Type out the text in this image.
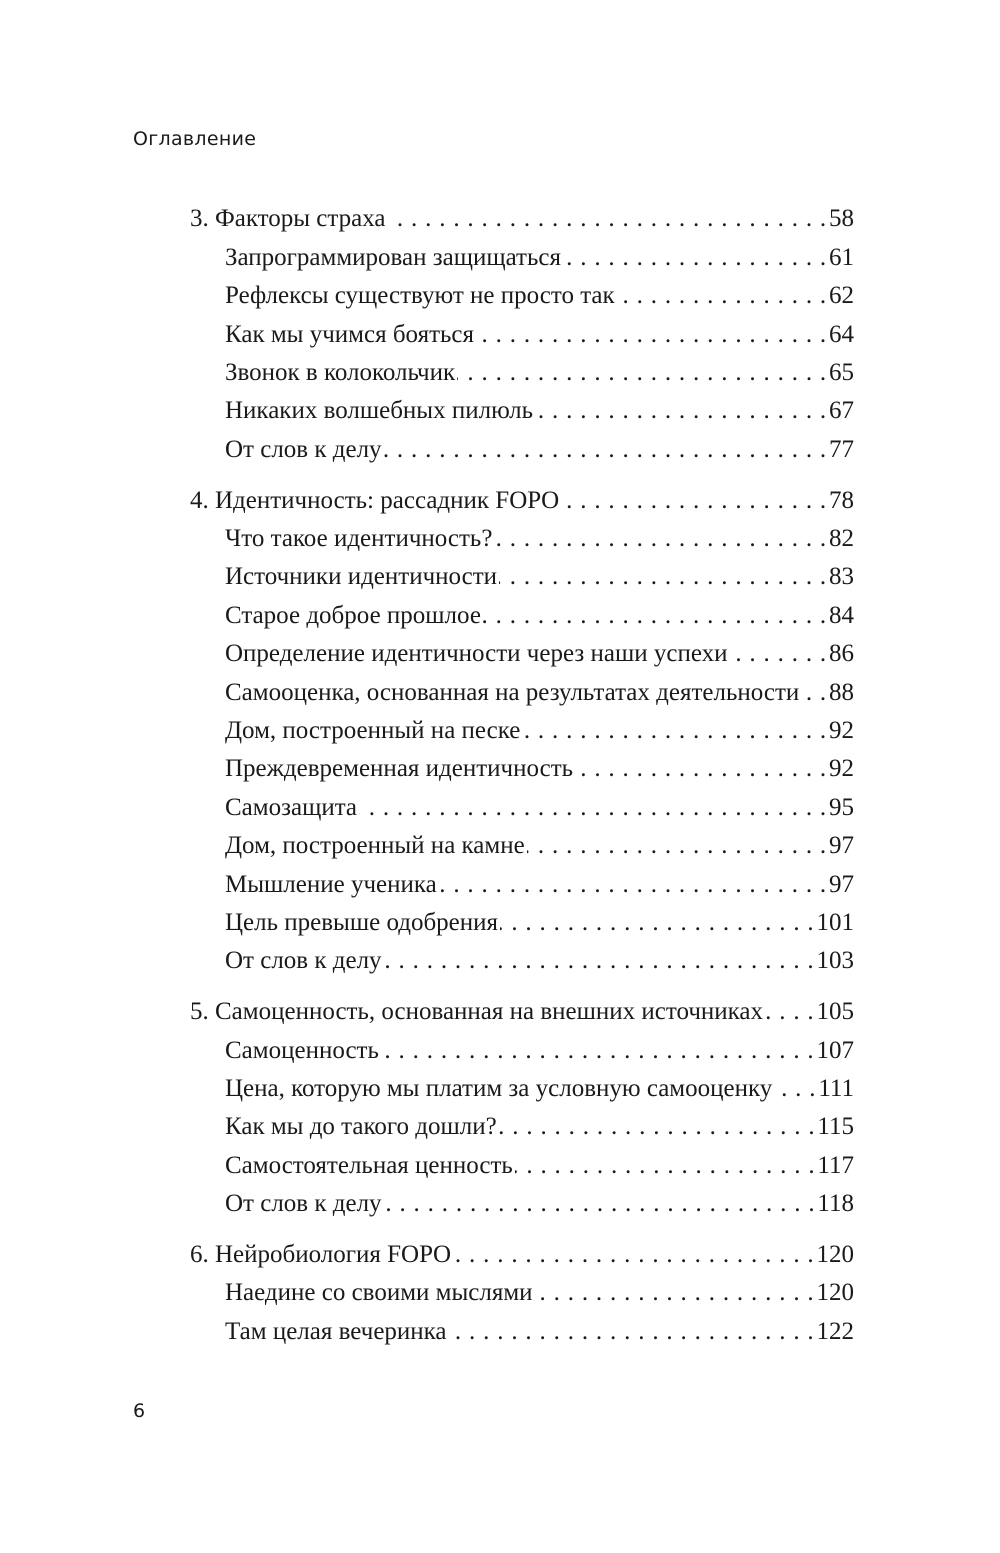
Оглавление
3. Факторы страха . . .	58
Запрограммирован защищаться . . .	61
Рефлексы существуют не просто так . . .	62
Как мы учимся бояться . . .	64
Звонок в колокольчик . . .	65
Никаких волшебных пилюль . . .	67
От слов к делу . . .	77
4. Идентичность: рассадник FOPO . . .	78
Что такое идентичность? . . .	82
Источники идентичности . . .	83
Старое доброе прошлое . . .	84
Определение идентичности через наши успехи . . .	86
Самооценка, основанная на результатах деятельности . . . 88
Дом, построенный на песке . . .	92
Преждевременная идентичность . . .	92
Самозащита . . .	95
Дом, построенный на камне . . .	97
Мышление ученика . . .	97
Цель превыше одобрения . . .	101
От слов к делу . . .	103
5. Самоценность, основанная на внешних источниках . . . 105
Самоценность . . .	107
Цена, которую мы платим за условную самооценку . . . 111
Как мы до такого дошли? . . .	115
Самостоятельная ценность . . .	117
От слов к делу . . .	118
6. Нейробиология FOPO . . .	120
Наедине со своими мыслями . . .	120
Там целая вечеринка . . .	122
6
